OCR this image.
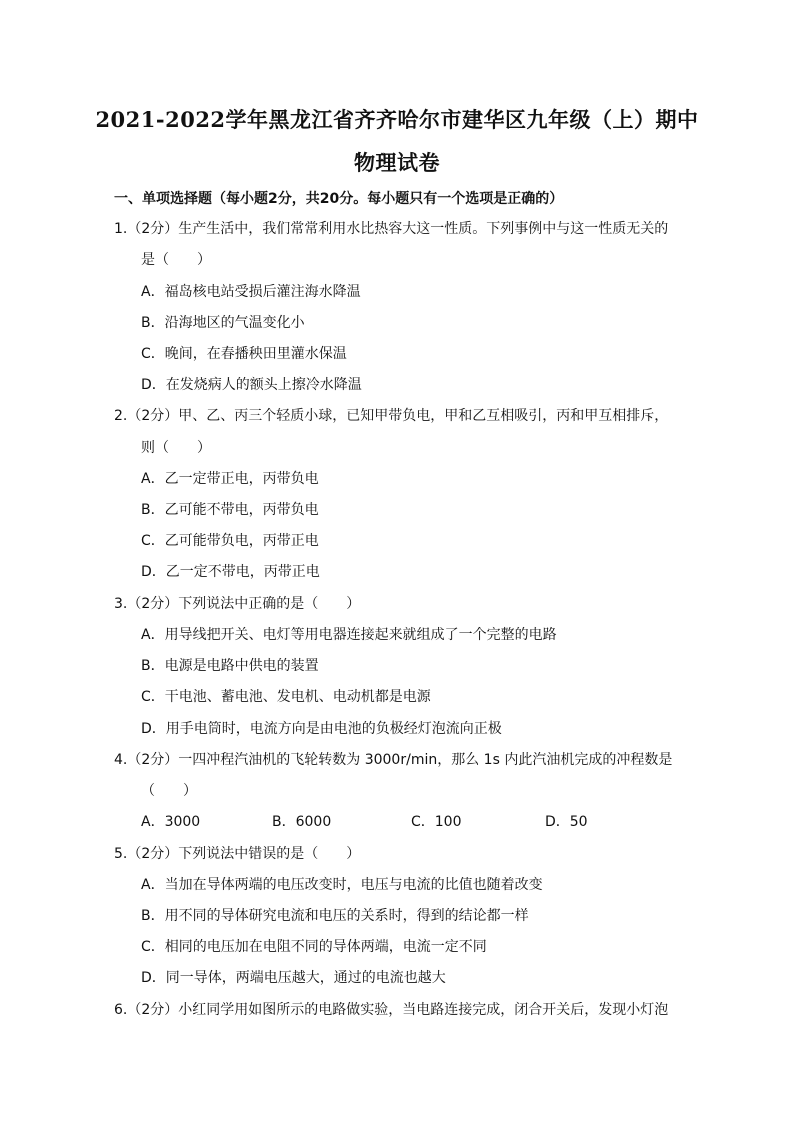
2021-2022学年黑龙江省齐齐哈尔市建华区九年级（上）期中
物理试卷
一、单项选择题（每小题2分，共20分。每小题只有一个选项是正确的）
1.（2分）生产生活中，我们常常利用水比热容大这一性质。下列事例中与这一性质无关的
是（　　）
A．福岛核电站受损后灌注海水降温
B．沿海地区的气温变化小
C．晚间，在春播秧田里灌水保温
D．在发烧病人的额头上擦冷水降温
2.（2分）甲、乙、丙三个轻质小球，已知甲带负电，甲和乙互相吸引，丙和甲互相排斥，
则（　　）
A．乙一定带正电，丙带负电
B．乙可能不带电，丙带负电
C．乙可能带负电，丙带正电
D．乙一定不带电，丙带正电
3.（2分）下列说法中正确的是（　　）
A．用导线把开关、电灯等用电器连接起来就组成了一个完整的电路
B．电源是电路中供电的装置
C．干电池、蓄电池、发电机、电动机都是电源
D．用手电筒时，电流方向是由电池的负极经灯泡流向正极
4.（2分）一四冲程汽油机的飞轮转数为 3000r/min，那么 1s 内此汽油机完成的冲程数是
（　　）
A．3000	B．6000	C．100	D．50
5.（2分）下列说法中错误的是（　　）
A．当加在导体两端的电压改变时，电压与电流的比值也随着改变
B．用不同的导体研究电流和电压的关系时，得到的结论都一样
C．相同的电压加在电阻不同的导体两端，电流一定不同
D．同一导体，两端电压越大，通过的电流也越大
6.（2分）小红同学用如图所示的电路做实验，当电路连接完成，闭合开关后，发现小灯泡
